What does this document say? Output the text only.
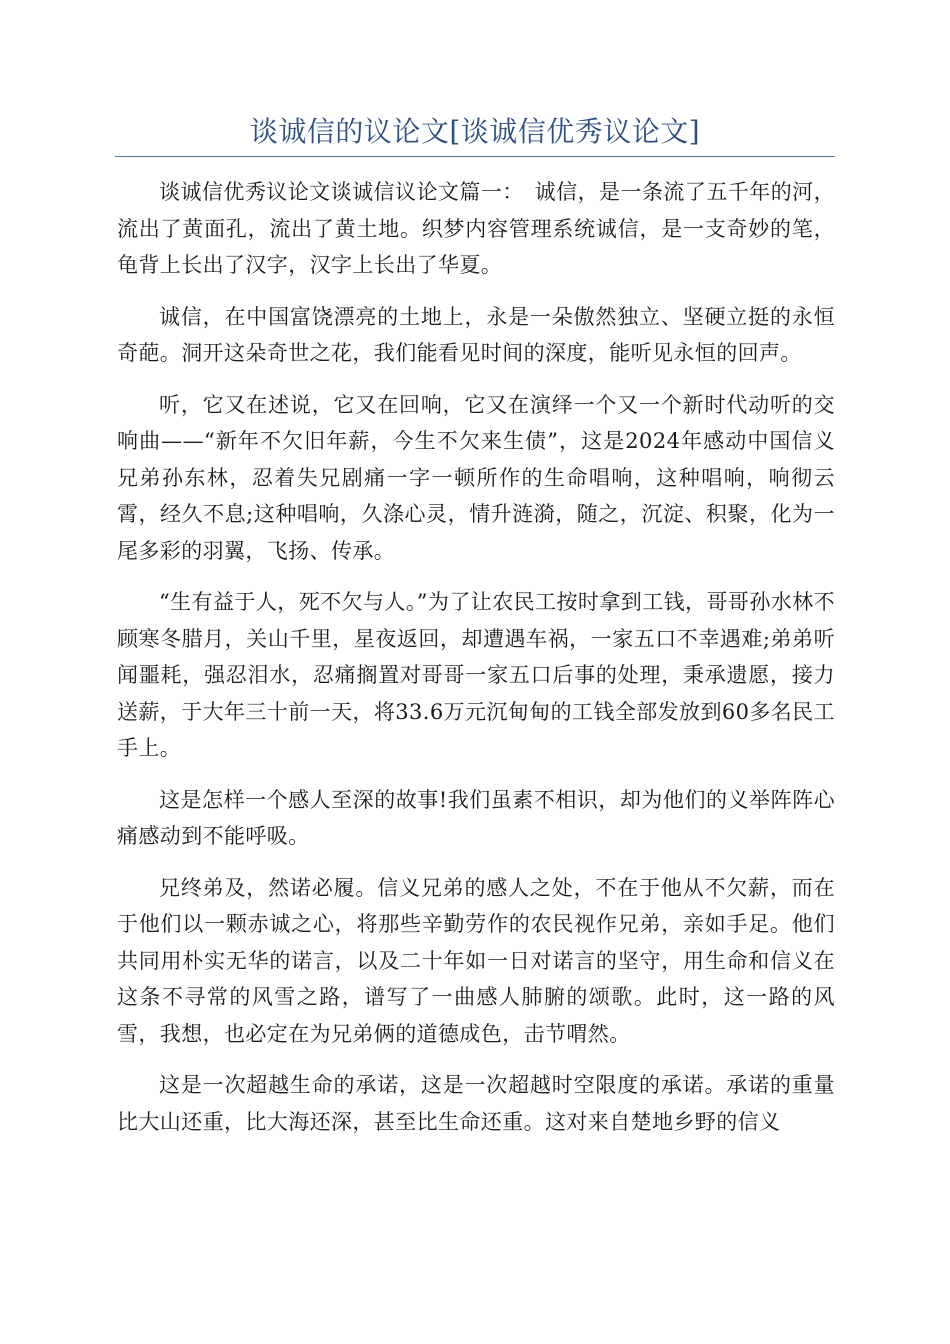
谈诚信的议论文[谈诚信优秀议论文]

谈诚信优秀议论文谈诚信议论文篇一：　诚信，是一条流了五千年的河，流出了黄面孔，流出了黄土地。织梦内容管理系统诚信，是一支奇妙的笔，龟背上长出了汉字，汉字上长出了华夏。

诚信，在中国富饶漂亮的土地上，永是一朵傲然独立、坚硬立挺的永恒奇葩。洞开这朵奇世之花，我们能看见时间的深度，能听见永恒的回声。

听，它又在述说，它又在回响，它又在演绎一个又一个新时代动听的交响曲——“新年不欠旧年薪，今生不欠来生债”，这是2024年感动中国信义兄弟孙东林，忍着失兄剧痛一字一顿所作的生命唱响，这种唱响，响彻云霄，经久不息;这种唱响，久涤心灵，情升涟漪，随之，沉淀、积聚，化为一尾多彩的羽翼，飞扬、传承。

“生有益于人，死不欠与人。”为了让农民工按时拿到工钱，哥哥孙水林不顾寒冬腊月，关山千里，星夜返回，却遭遇车祸，一家五口不幸遇难;弟弟听闻噩耗，强忍泪水，忍痛搁置对哥哥一家五口后事的处理，秉承遗愿，接力送薪，于大年三十前一天，将33.6万元沉甸甸的工钱全部发放到60多名民工手上。

这是怎样一个感人至深的故事!我们虽素不相识，却为他们的义举阵阵心痛感动到不能呼吸。

兄终弟及，然诺必履。信义兄弟的感人之处，不在于他从不欠薪，而在于他们以一颗赤诚之心，将那些辛勤劳作的农民视作兄弟，亲如手足。他们共同用朴实无华的诺言，以及二十年如一日对诺言的坚守，用生命和信义在这条不寻常的风雪之路，谱写了一曲感人肺腑的颂歌。此时，这一路的风雪，我想，也必定在为兄弟俩的道德成色，击节喟然。

这是一次超越生命的承诺，这是一次超越时空限度的承诺。承诺的重量比大山还重，比大海还深，甚至比生命还重。这对来自楚地乡野的信义
